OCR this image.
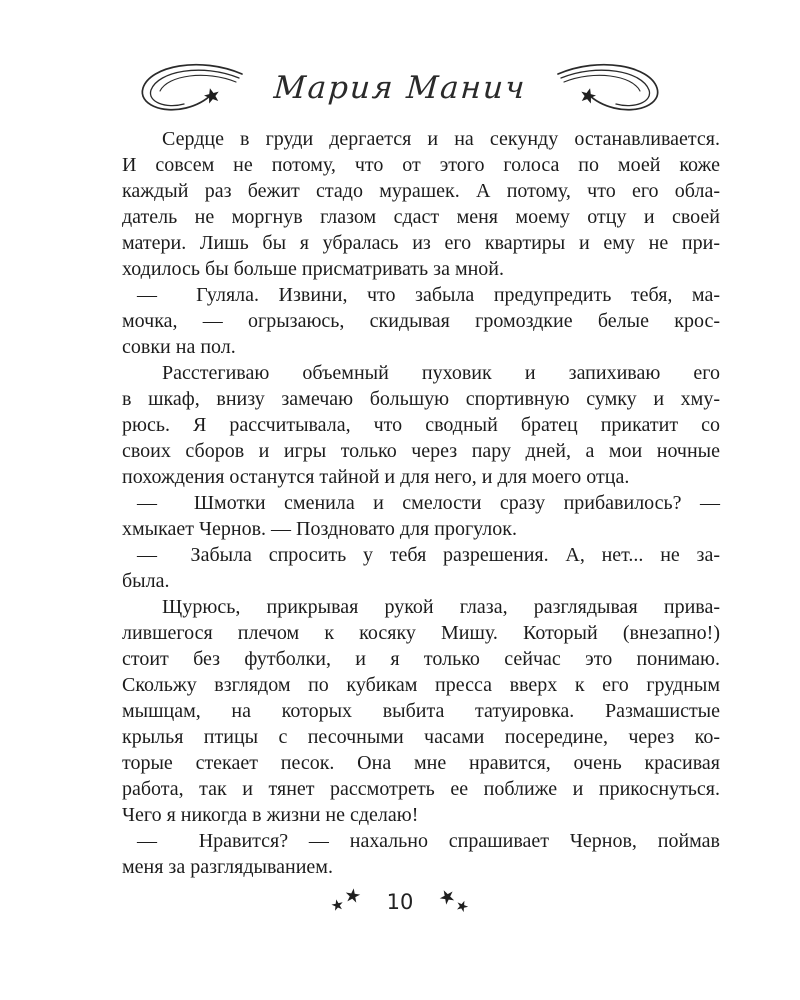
Мария Манич
Сердце в груди дергается и на секунду останавливается.
И совсем не потому, что от этого голоса по моей коже
каждый раз бежит стадо мурашек. А потому, что его обла-
датель не моргнув глазом сдаст меня моему отцу и своей
матери. Лишь бы я убралась из его квартиры и ему не при-
ходилось бы больше присматривать за мной.
—  Гуляла. Извини, что забыла предупредить тебя, ма-
мочка, — огрызаюсь, скидывая громоздкие белые крос-
совки на пол.
Расстегиваю объемный пуховик и запихиваю его
в шкаф, внизу замечаю большую спортивную сумку и хму-
рюсь. Я рассчитывала, что сводный братец прикатит со
своих сборов и игры только через пару дней, а мои ночные
похождения останутся тайной и для него, и для моего отца.
—  Шмотки сменила и смелости сразу прибавилось? —
хмыкает Чернов. — Поздновато для прогулок.
—  Забыла спросить у тебя разрешения. А, нет... не за-
была.
Щурюсь, прикрывая рукой глаза, разглядывая прива-
лившегося плечом к косяку Мишу. Который (внезапно!)
стоит без футболки, и я только сейчас это понимаю.
Скольжу взглядом по кубикам пресса вверх к его грудным
мышцам, на которых выбита татуировка. Размашистые
крылья птицы с песочными часами посередине, через ко-
торые стекает песок. Она мне нравится, очень красивая
работа, так и тянет рассмотреть ее поближе и прикоснуться.
Чего я никогда в жизни не сделаю!
—  Нравится? — нахально спрашивает Чернов, поймав
меня за разглядыванием.
★
★ 10 ★
★
